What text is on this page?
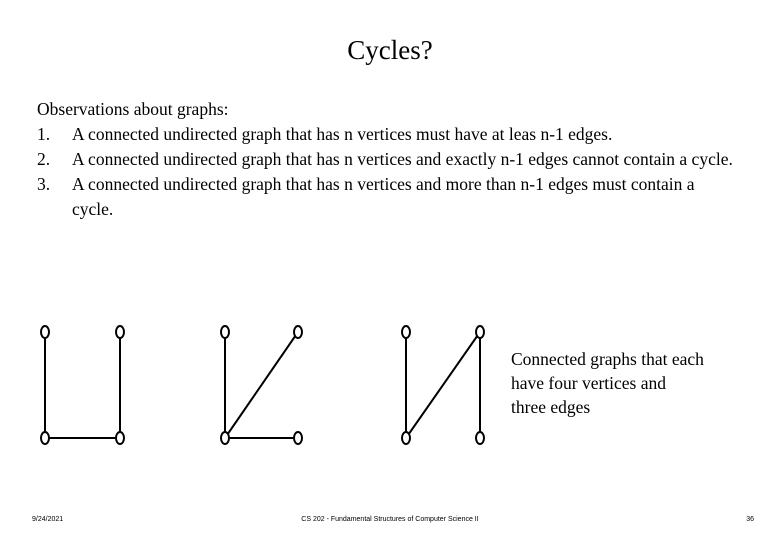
Cycles?

Observations about graphs:

1. A connected undirected graph that has n vertices must have at leas n-1 edges.
2. A connected undirected graph that has n vertices and exactly n-1 edges cannot contain a cycle.
3. A connected undirected graph that has n vertices and more than n-1 edges must contain a cycle.
Connected graphs that each
have four vertices and
three edges
9/24/2021	CS 202 - Fundamental Structures of Computer Science II	36
